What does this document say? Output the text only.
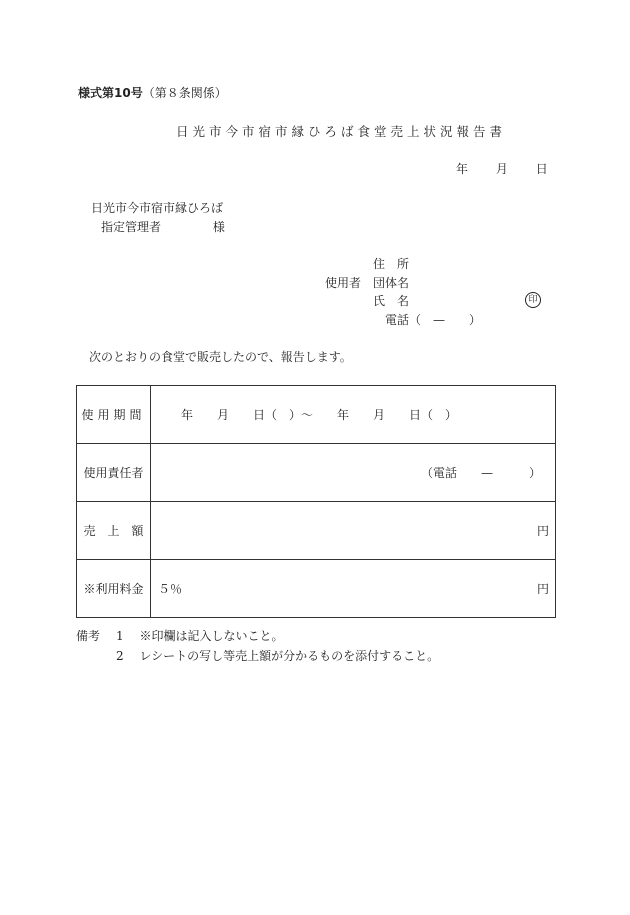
様式第10号（第８条関係）
日光市今市宿市縁ひろば食堂売上状況報告書
年 月 日
日光市今市宿市縁ひろば
指定管理者	様
住　所
使用者 団体名
氏　名	印
電話（　—　　）
次のとおりの食堂で販売したので、報告します。
使用期間	年　　月　　日（　）～　　年　　月　　日（　）

使用責任者	（電話　　—　　　）

売　上　額	円

※利用料金	５％ 円
備考 1 ※印欄は記入しないこと。
2 レシートの写し等売上額が分かるものを添付すること。
